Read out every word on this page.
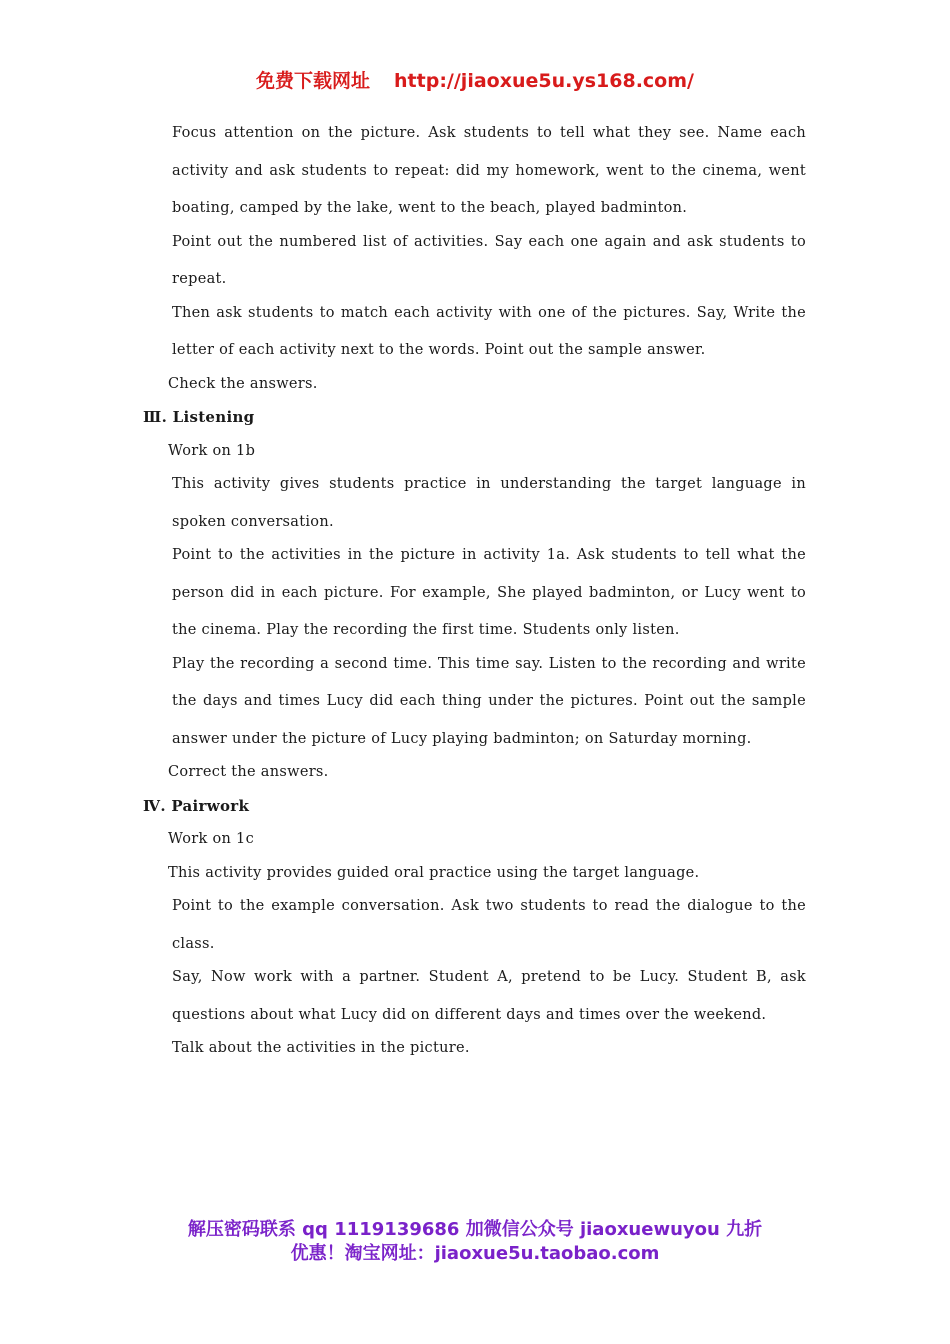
免费下载网址 http://jiaoxue5u.ys168.com/

Focus attention on the picture. Ask students to tell what they see. Name each activity and ask students to repeat: did my homework, went to the cinema, went boating, camped by the lake, went to the beach, played badminton.

Point out the numbered list of activities. Say each one again and ask students to repeat.

Then ask students to match each activity with one of the pictures. Say, Write the letter of each activity next to the words. Point out the sample answer.

Check the answers.

Ⅲ. Listening

Work on 1b

This activity gives students practice in understanding the target language in spoken conversation.

Point to the activities in the picture in activity 1a. Ask students to tell what the person did in each picture. For example, She played badminton, or Lucy went to the cinema. Play the recording the first time. Students only listen.

Play the recording a second time. This time say. Listen to the recording and write the days and times Lucy did each thing under the pictures. Point out the sample answer under the picture of Lucy playing badminton; on Saturday morning.

Correct the answers.

Ⅳ. Pairwork

Work on 1c

This activity provides guided oral practice using the target language.

Point to the example conversation. Ask two students to read the dialogue to the class.

Say, Now work with a partner. Student A, pretend to be Lucy. Student B, ask questions about what Lucy did on different days and times over the weekend.

Talk about the activities in the picture.

解压密码联系 qq 1119139686 加微信公众号 jiaoxuewuyou 九折
优惠！淘宝网址：jiaoxue5u.taobao.com
